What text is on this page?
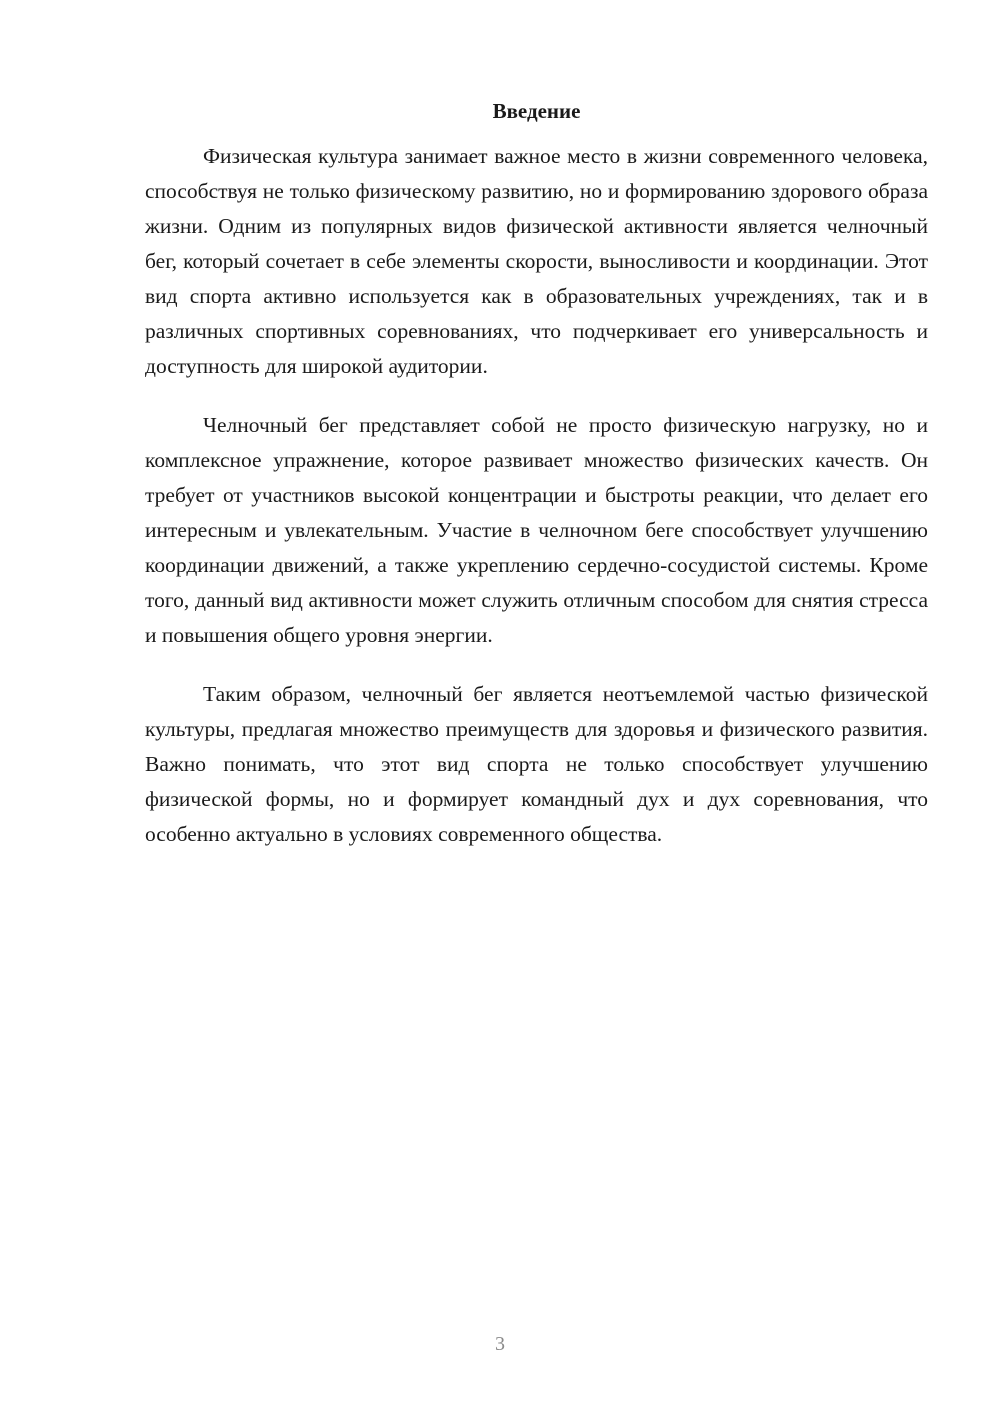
Введение

Физическая культура занимает важное место в жизни современного человека, способствуя не только физическому развитию, но и формированию здорового образа жизни. Одним из популярных видов физической активности является челночный бег, который сочетает в себе элементы скорости, выносливости и координации. Этот вид спорта активно используется как в образовательных учреждениях, так и в различных спортивных соревнованиях, что подчеркивает его универсальность и доступность для широкой аудитории.

Челночный бег представляет собой не просто физическую нагрузку, но и комплексное упражнение, которое развивает множество физических качеств. Он требует от участников высокой концентрации и быстроты реакции, что делает его интересным и увлекательным. Участие в челночном беге способствует улучшению координации движений, а также укреплению сердечно-сосудистой системы. Кроме того, данный вид активности может служить отличным способом для снятия стресса и повышения общего уровня энергии.

Таким образом, челночный бег является неотъемлемой частью физической культуры, предлагая множество преимуществ для здоровья и физического развития. Важно понимать, что этот вид спорта не только способствует улучшению физической формы, но и формирует командный дух и дух соревнования, что особенно актуально в условиях современного общества.

3
